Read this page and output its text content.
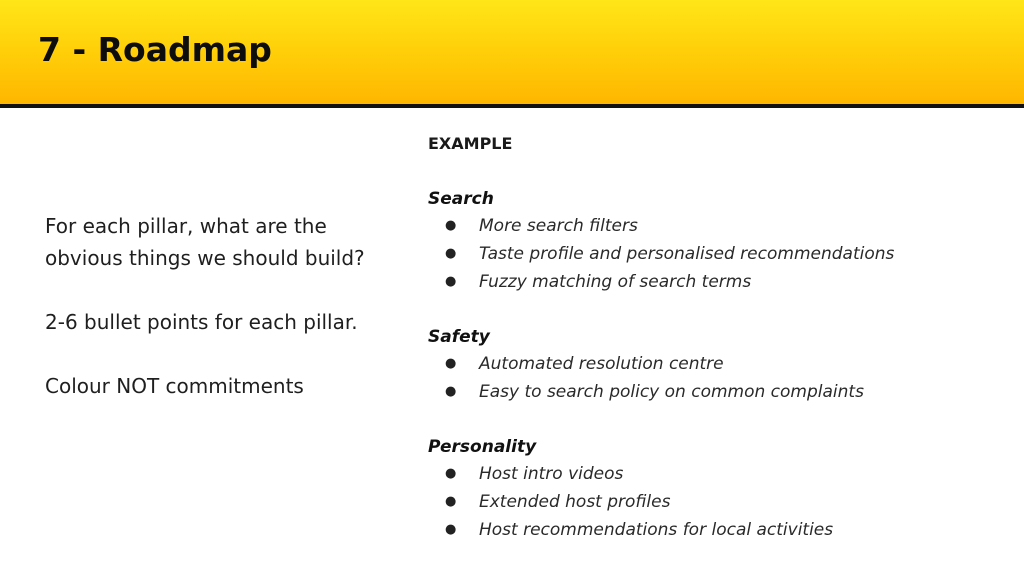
7 - Roadmap

For each pillar, what are the obvious things we should build?

2-6 bullet points for each pillar.

Colour NOT commitments

EXAMPLE
Search
● More search filters
● Taste profile and personalised recommendations
● Fuzzy matching of search terms
Safety
● Automated resolution centre
● Easy to search policy on common complaints
Personality
● Host intro videos
● Extended host profiles
● Host recommendations for local activities
